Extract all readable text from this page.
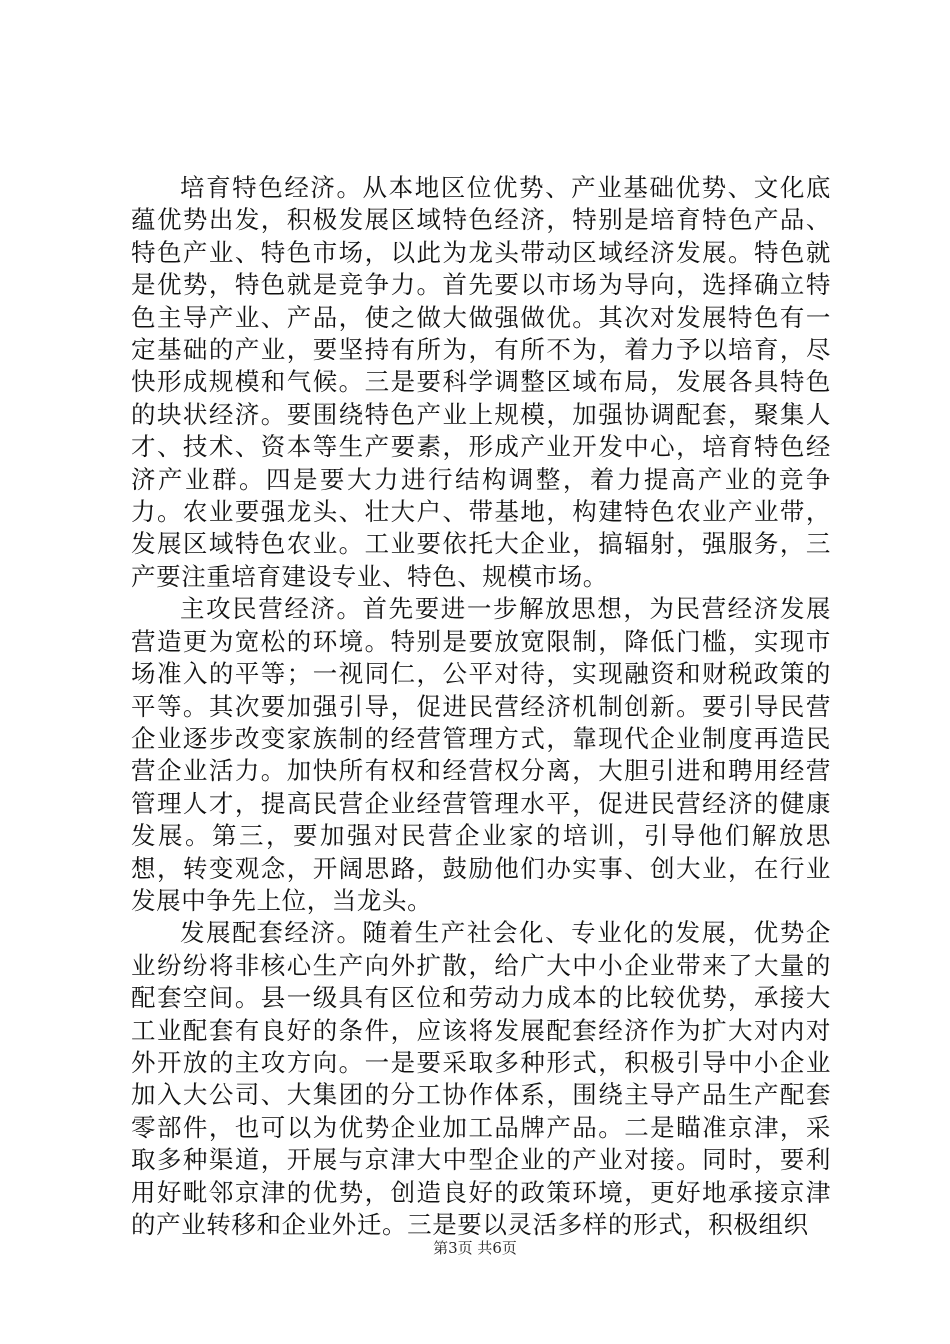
培育特色经济。从本地区位优势、产业基础优势、文化底蕴优势出发，积极发展区域特色经济，特别是培育特色产品、特色产业、特色市场，以此为龙头带动区域经济发展。特色就是优势，特色就是竞争力。首先要以市场为导向，选择确立特色主导产业、产品，使之做大做强做优。其次对发展特色有一定基础的产业，要坚持有所为，有所不为，着力予以培育，尽快形成规模和气候。三是要科学调整区域布局，发展各具特色的块状经济。要围绕特色产业上规模，加强协调配套，聚集人才、技术、资本等生产要素，形成产业开发中心，培育特色经济产业群。四是要大力进行结构调整，着力提高产业的竞争力。农业要强龙头、壮大户、带基地，构建特色农业产业带，发展区域特色农业。工业要依托大企业，搞辐射，强服务，三产要注重培育建设专业、特色、规模市场。

主攻民营经济。首先要进一步解放思想，为民营经济发展营造更为宽松的环境。特别是要放宽限制，降低门槛，实现市场准入的平等；一视同仁，公平对待，实现融资和财税政策的平等。其次要加强引导，促进民营经济机制创新。要引导民营企业逐步改变家族制的经营管理方式，靠现代企业制度再造民营企业活力。加快所有权和经营权分离，大胆引进和聘用经营管理人才，提高民营企业经营管理水平，促进民营经济的健康发展。第三，要加强对民营企业家的培训，引导他们解放思想，转变观念，开阔思路，鼓励他们办实事、创大业，在行业发展中争先上位，当龙头。

发展配套经济。随着生产社会化、专业化的发展，优势企业纷纷将非核心生产向外扩散，给广大中小企业带来了大量的配套空间。县一级具有区位和劳动力成本的比较优势，承接大工业配套有良好的条件，应该将发展配套经济作为扩大对内对外开放的主攻方向。一是要采取多种形式，积极引导中小企业加入大公司、大集团的分工协作体系，围绕主导产品生产配套零部件，也可以为优势企业加工品牌产品。二是瞄准京津，采取多种渠道，开展与京津大中型企业的产业对接。同时，要利用好毗邻京津的优势，创造良好的政策环境，更好地承接京津的产业转移和企业外迁。三是要以灵活多样的形式，积极组织

第3页 共6页
